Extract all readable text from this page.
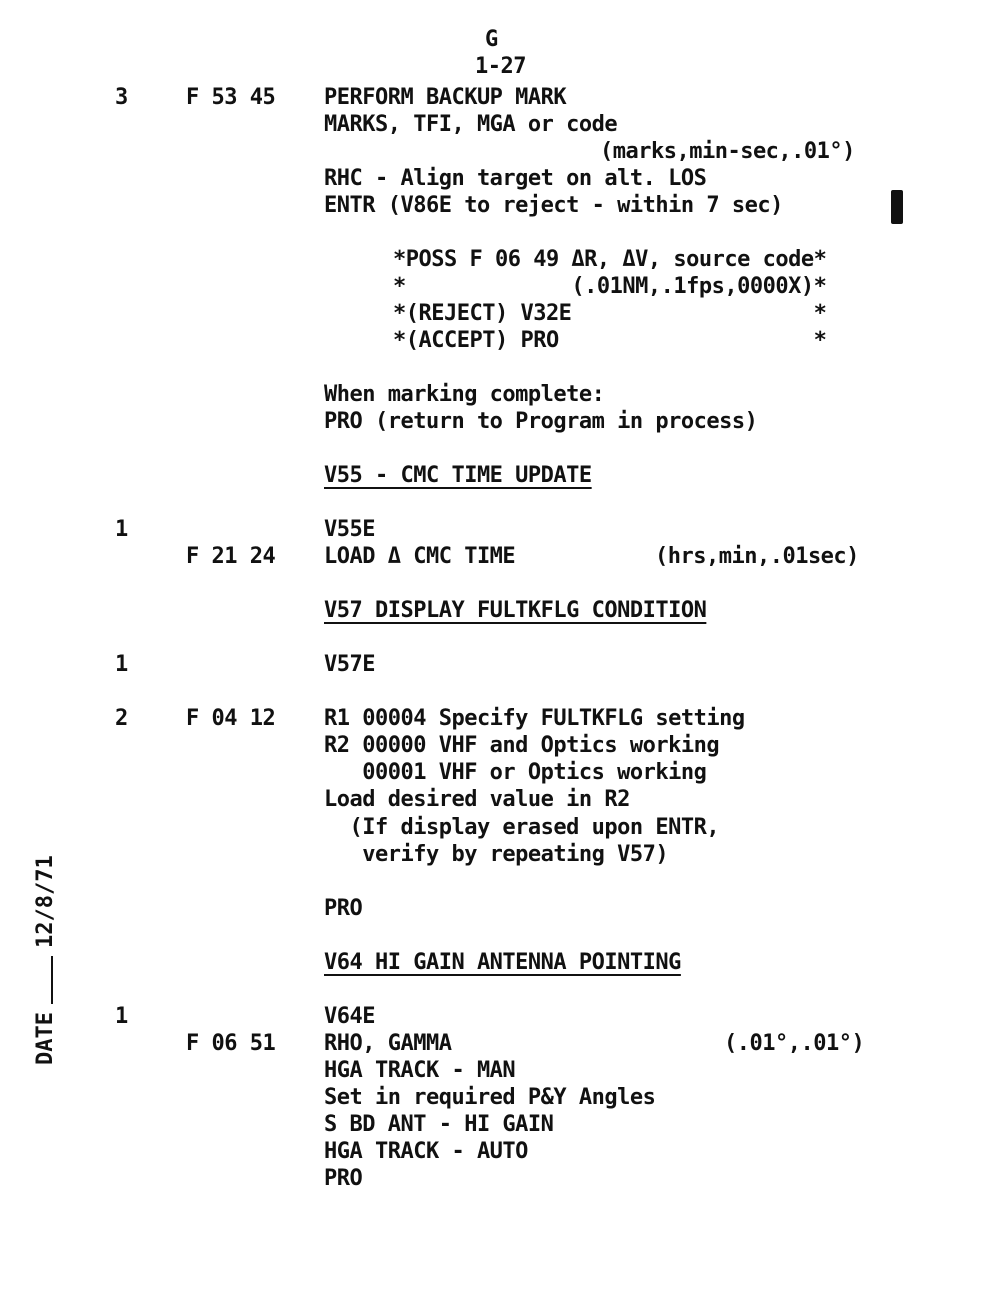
G
1-27
DATE
12/8/71
3	F 53 45 PERFORM BACKUP MARK
MARKS, TFI, MGA or code
(marks,min-sec,.01°)
RHC - Align target on alt. LOS
ENTR (V86E to reject - within 7 sec)
*POSS F 06 49 ΔR, ΔV, source code*
*             (.01NM,.1fps,0000X)*
*(REJECT) V32E                   *
*(ACCEPT) PRO                    *
When marking complete:
PRO (return to Program in process)
V55 - CMC TIME UPDATE
1	V55E
F 21 24 LOAD Δ CMC TIME	(hrs,min,.01sec)
V57 DISPLAY FULTKFLG CONDITION
1	V57E
2	F 04 12 R1 00004 Specify FULTKFLG setting
R2 00000 VHF and Optics working
00001 VHF or Optics working
Load desired value in R2
(If display erased upon ENTR,
verify by repeating V57)
PRO
V64 HI GAIN ANTENNA POINTING
1	V64E
F 06 51 RHO, GAMMA	(.01°,.01°)
HGA TRACK - MAN
Set in required P&Y Angles
S BD ANT - HI GAIN
HGA TRACK - AUTO
PRO
